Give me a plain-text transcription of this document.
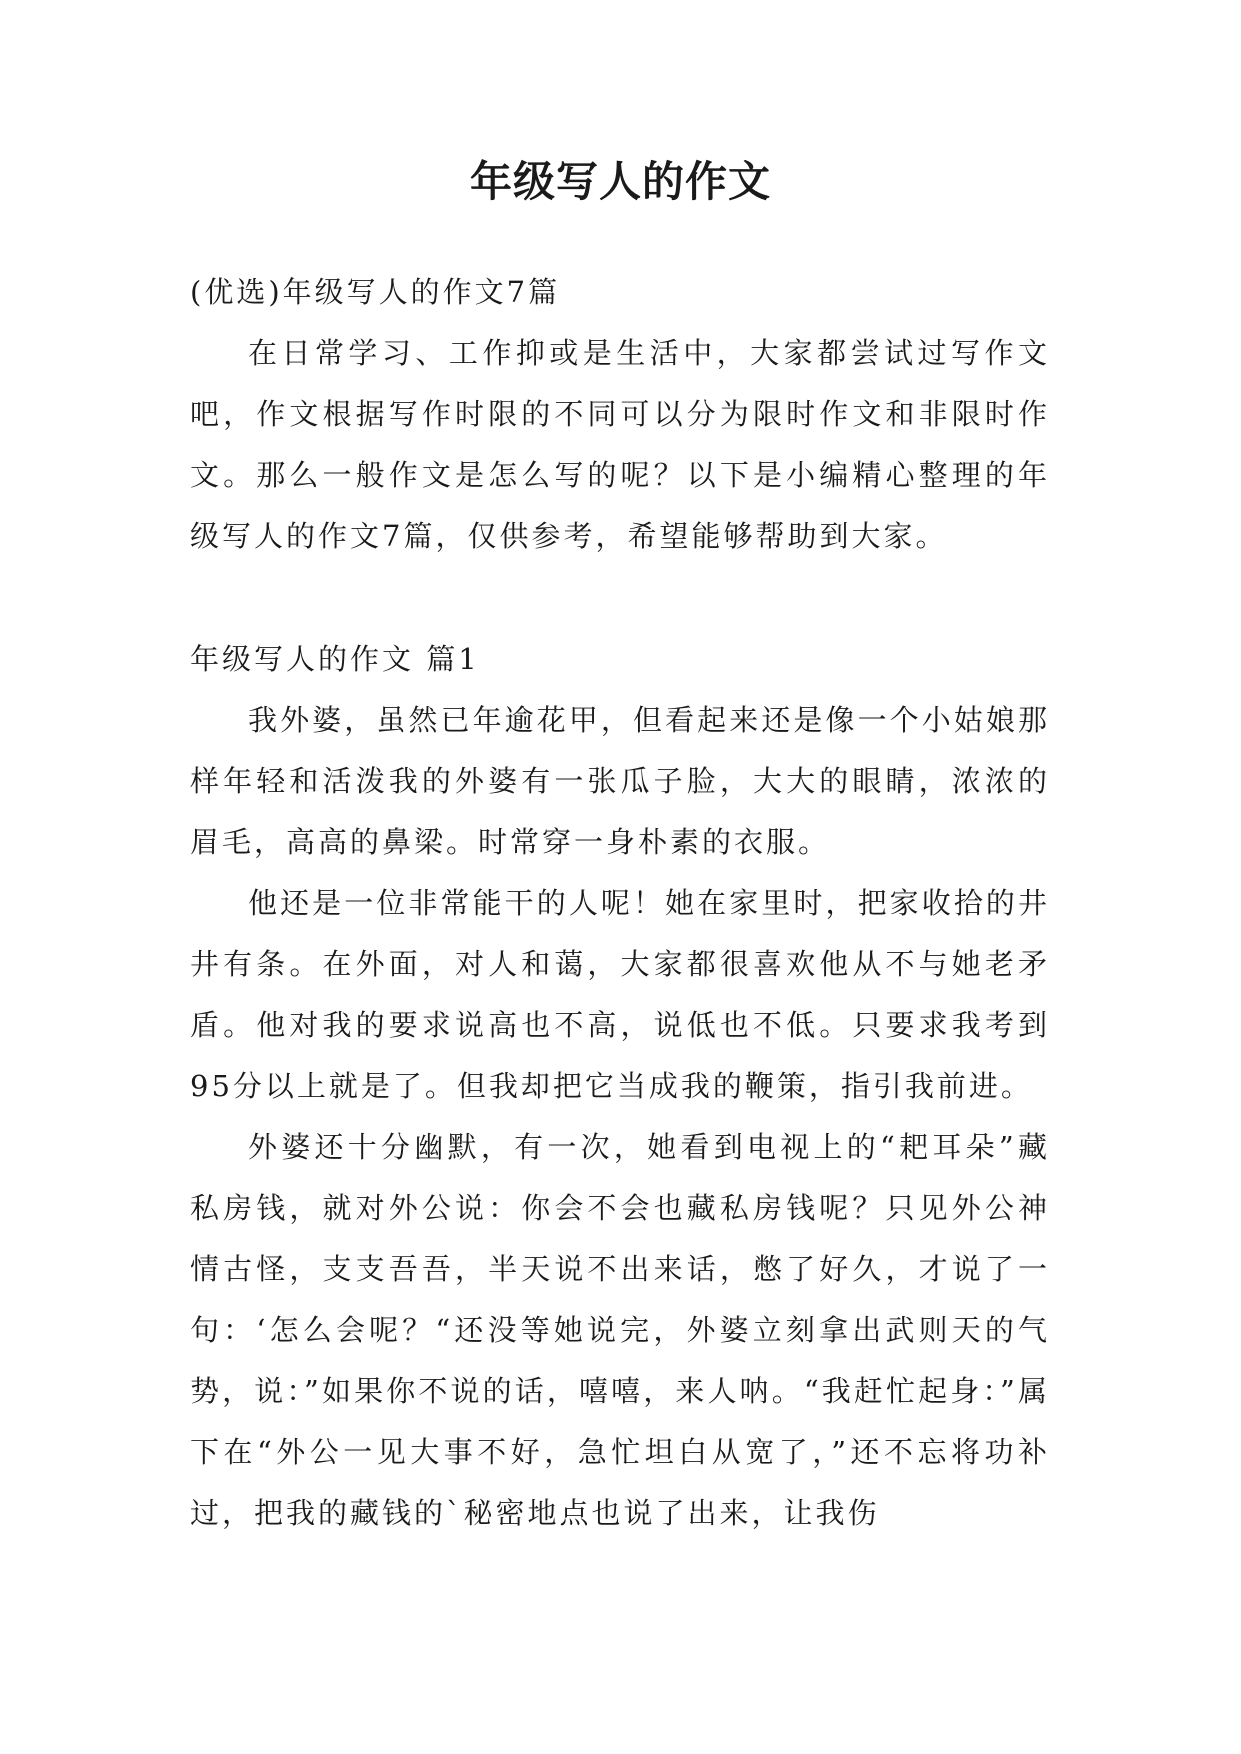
年级写人的作文

(优选)年级写人的作文7篇

在日常学习、工作抑或是生活中，大家都尝试过写作文吧，作文根据写作时限的不同可以分为限时作文和非限时作文。那么一般作文是怎么写的呢？以下是小编精心整理的年级写人的作文7篇，仅供参考，希望能够帮助到大家。

年级写人的作文 篇1

我外婆，虽然已年逾花甲，但看起来还是像一个小姑娘那样年轻和活泼我的外婆有一张瓜子脸，大大的眼睛，浓浓的眉毛，高高的鼻梁。时常穿一身朴素的衣服。

他还是一位非常能干的人呢！她在家里时，把家收拾的井井有条。在外面，对人和蔼，大家都很喜欢他从不与她老矛盾。他对我的要求说高也不高，说低也不低。只要求我考到95分以上就是了。但我却把它当成我的鞭策，指引我前进。

外婆还十分幽默，有一次，她看到电视上的“耙耳朵”藏私房钱，就对外公说：你会不会也藏私房钱呢？只见外公神情古怪，支支吾吾，半天说不出来话，憋了好久，才说了一句：‘怎么会呢？“还没等她说完，外婆立刻拿出武则天的气势，说：”如果你不说的话，嘻嘻，来人呐。“我赶忙起身：”属下在“外公一见大事不好，急忙坦白从宽了，”还不忘将功补过，把我的藏钱的`秘密地点也说了出来，让我伤
